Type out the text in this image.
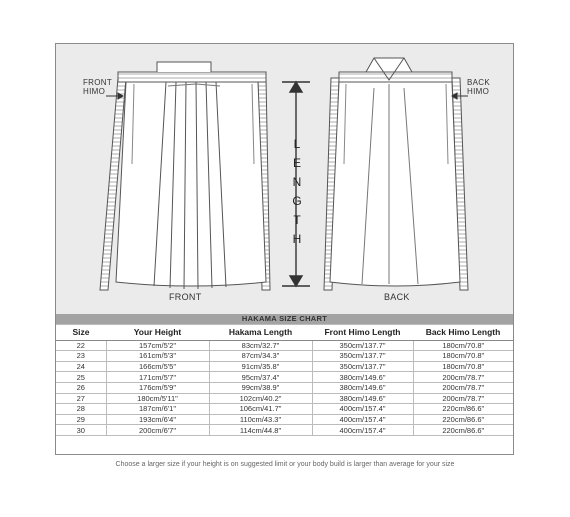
FRONT
HIMO
BACK
HIMO
L
E
N
G
T
H
FRONT	BACK
HAKAMA SIZE CHART				
Size	Your Height	Hakama Length	Front Himo Length	Back Himo Length
22	157cm/5'2"	83cm/32.7"	350cm/137.7"	180cm/70.8"
23	161cm/5'3"	87cm/34.3"	350cm/137.7"	180cm/70.8"
24	166cm/5'5"	91cm/35.8"	350cm/137.7"	180cm/70.8"
25	171cm/5'7"	95cm/37.4"	380cm/149.6"	200cm/78.7"
26	176cm/5'9"	99cm/38.9"	380cm/149.6"	200cm/78.7"
27	180cm/5'11"	102cm/40.2"	380cm/149.6"	200cm/78.7"
28	187cm/6'1"	106cm/41.7"	400cm/157.4"	220cm/86.6"
29	193cm/6'4"	110cm/43.3"	400cm/157.4"	220cm/86.6"
30	200cm/6'7"	114cm/44.8"	400cm/157.4"	220cm/86.6"
Choose a larger size if your height is on suggested limit or your body build is larger than average for your size
